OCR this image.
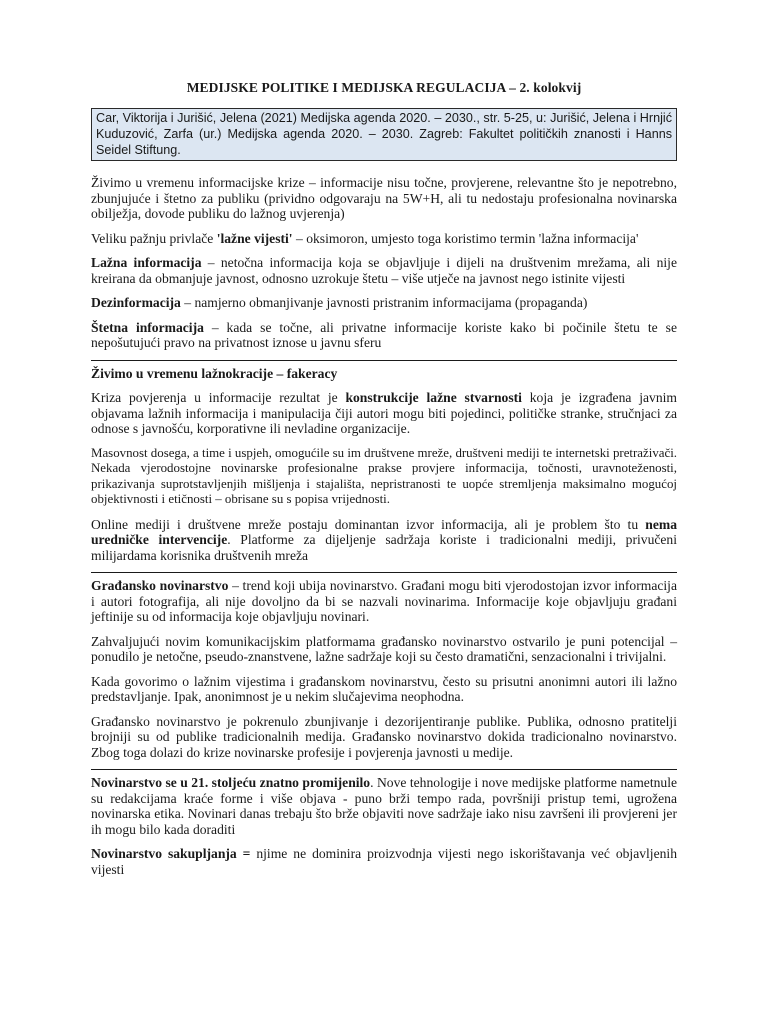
MEDIJSKE POLITIKE I MEDIJSKA REGULACIJA – 2. kolokvij
Car, Viktorija i Jurišić, Jelena (2021) Medijska agenda 2020. – 2030., str. 5-25, u: Jurišić, Jelena i Hrnjić Kuduzović, Zarfa (ur.) Medijska agenda 2020. – 2030. Zagreb: Fakultet političkih znanosti i Hanns Seidel Stiftung.

Živimo u vremenu informacijske krize – informacije nisu točne, provjerene, relevantne što je nepotrebno, zbunjujuće i štetno za publiku (prividno odgovaraju na 5W+H, ali tu nedostaju profesionalna novinarska obilježja, dovode publiku do lažnog uvjerenja)

Veliku pažnju privlače 'lažne vijesti' – oksimoron, umjesto toga koristimo termin 'lažna informacija'

Lažna informacija – netočna informacija koja se objavljuje i dijeli na društvenim mrežama, ali nije kreirana da obmanjuje javnost, odnosno uzrokuje štetu – više utječe na javnost nego istinite vijesti

Dezinformacija – namjerno obmanjivanje javnosti pristranim informacijama (propaganda)

Štetna informacija – kada se točne, ali privatne informacije koriste kako bi počinile štetu te se nepošutujući pravo na privatnost iznose u javnu sferu

Živimo u vremenu lažnokracije – fakeracy

Kriza povjerenja u informacije rezultat je konstrukcije lažne stvarnosti koja je izgrađena javnim objavama lažnih informacija i manipulacija čiji autori mogu biti pojedinci, političke stranke, stručnjaci za odnose s javnošću, korporativne ili nevladine organizacije.

Masovnost dosega, a time i uspjeh, omogućile su im društvene mreže, društveni mediji te internetski pretraživači. Nekada vjerodostojne novinarske profesionalne prakse provjere informacija, točnosti, uravnoteženosti, prikazivanja suprotstavljenjih mišljenja i stajališta, nepristranosti te uopće stremljenja maksimalno mogućoj objektivnosti i etičnosti – obrisane su s popisa vrijednosti.

Online mediji i društvene mreže postaju dominantan izvor informacija, ali je problem što tu nema uredničke intervencije. Platforme za dijeljenje sadržaja koriste i tradicionalni mediji, privučeni milijardama korisnika društvenih mreža

Građansko novinarstvo – trend koji ubija novinarstvo. Građani mogu biti vjerodostojan izvor informacija i autori fotografija, ali nije dovoljno da bi se nazvali novinarima. Informacije koje objavljuju građani jeftinije su od informacija koje objavljuju novinari.

Zahvaljujući novim komunikacijskim platformama građansko novinarstvo ostvarilo je puni potencijal – ponudilo je netočne, pseudo-znanstvene, lažne sadržaje koji su često dramatični, senzacionalni i trivijalni.

Kada govorimo o lažnim vijestima i građanskom novinarstvu, često su prisutni anonimni autori ili lažno predstavljanje. Ipak, anonimnost je u nekim slučajevima neophodna.

Građansko novinarstvo je pokrenulo zbunjivanje i dezorijentiranje publike. Publika, odnosno pratitelji brojniji su od publike tradicionalnih medija. Građansko novinarstvo dokida tradicionalno novinarstvo. Zbog toga dolazi do krize novinarske profesije i povjerenja javnosti u medije.

Novinarstvo se u 21. stoljeću znatno promijenilo. Nove tehnologije i nove medijske platforme nametnule su redakcijama kraće forme i više objava - puno brži tempo rada, površniji pristup temi, ugrožena novinarska etika. Novinari danas trebaju što brže objaviti nove sadržaje iako nisu završeni ili provjereni jer ih mogu bilo kada doraditi

Novinarstvo sakupljanja = njime ne dominira proizvodnja vijesti nego iskorištavanja već objavljenih vijesti
